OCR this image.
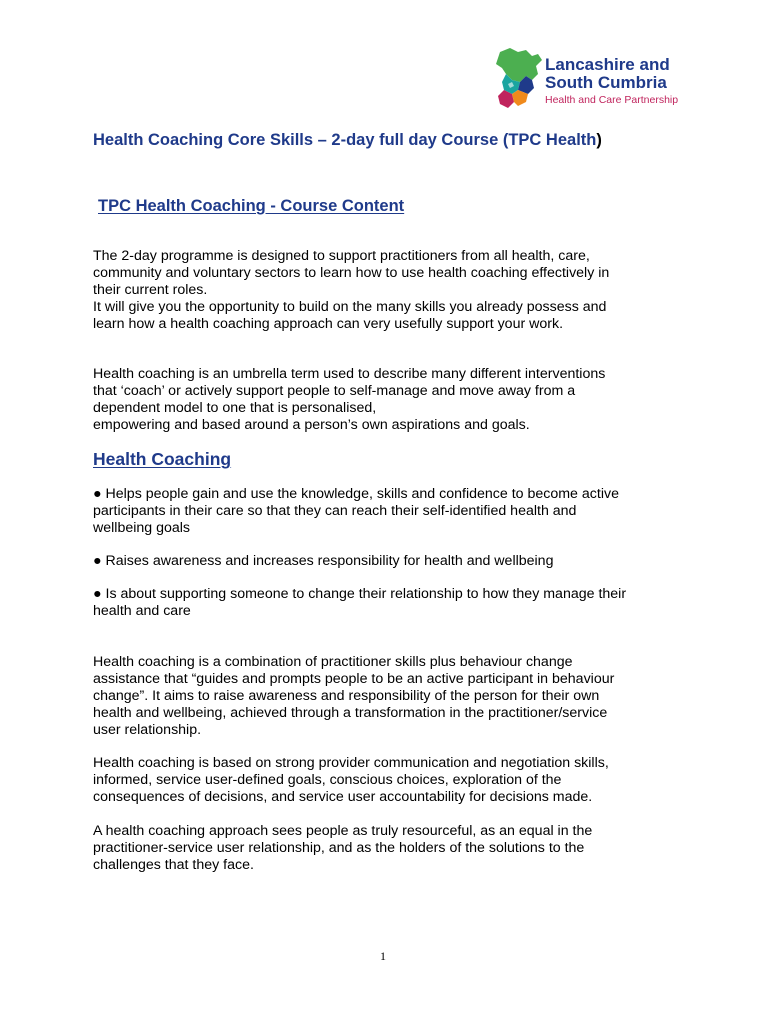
Lancashire and
South Cumbria
Health and Care Partnership
Health Coaching Core Skills – 2-day full day Course (TPC Health)
TPC Health Coaching - Course Content
The 2-day programme is designed to support practitioners from all health, care,
community and voluntary sectors to learn how to use health coaching effectively in
their current roles.
It will give you the opportunity to build on the many skills you already possess and
learn how a health coaching approach can very usefully support your work.
Health coaching is an umbrella term used to describe many different interventions
that ‘coach’ or actively support people to self-manage and move away from a
dependent model to one that is personalised,
empowering and based around a person’s own aspirations and goals.
Health Coaching
● Helps people gain and use the knowledge, skills and confidence to become active
participants in their care so that they can reach their self-identified health and
wellbeing goals
● Raises awareness and increases responsibility for health and wellbeing
● Is about supporting someone to change their relationship to how they manage their
health and care
Health coaching is a combination of practitioner skills plus behaviour change
assistance that “guides and prompts people to be an active participant in behaviour
change”. It aims to raise awareness and responsibility of the person for their own
health and wellbeing, achieved through a transformation in the practitioner/service
user relationship.
Health coaching is based on strong provider communication and negotiation skills,
informed, service user-defined goals, conscious choices, exploration of the
consequences of decisions, and service user accountability for decisions made.
A health coaching approach sees people as truly resourceful, as an equal in the
practitioner-service user relationship, and as the holders of the solutions to the
challenges that they face.
1
